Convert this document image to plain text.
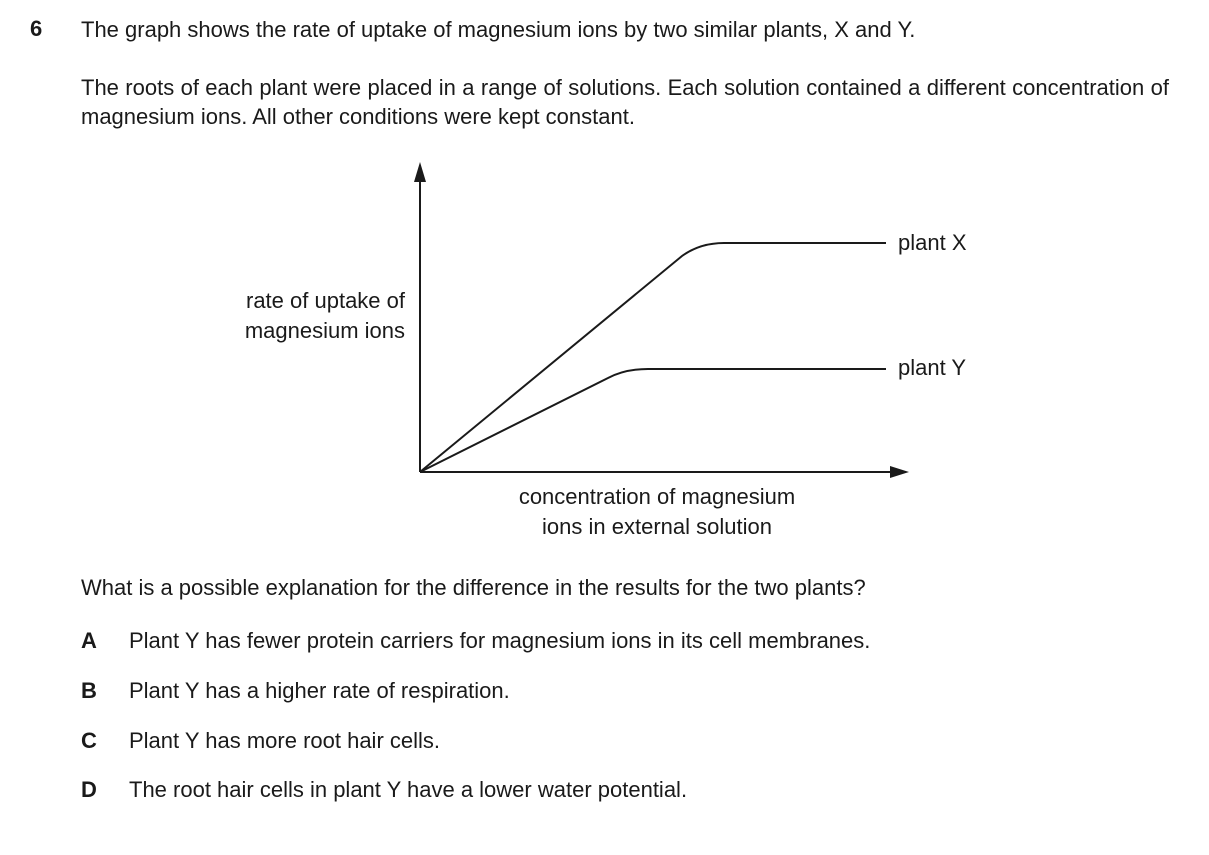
6 The graph shows the rate of uptake of magnesium ions by two similar plants, X and Y.

The roots of each plant were placed in a range of solutions. Each solution contained a different concentration of magnesium ions. All other conditions were kept constant.

rate of uptake of
magnesium ions
concentration of magnesium
ions in external solution
plant X
plant Y

What is a possible explanation for the difference in the results for the two plants?

A Plant Y has fewer protein carriers for magnesium ions in its cell membranes.
B Plant Y has a higher rate of respiration.
C Plant Y has more root hair cells.
D The root hair cells in plant Y have a lower water potential.
